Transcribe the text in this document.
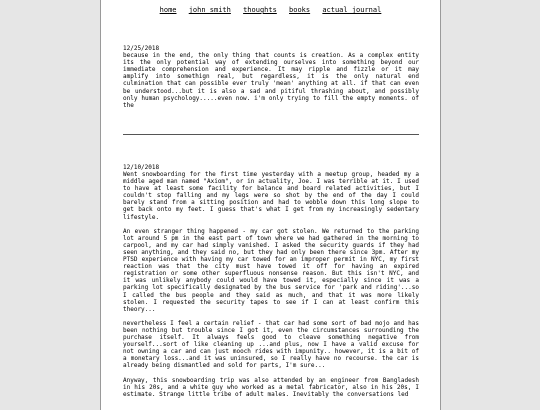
home john smith thoughts books actual journal

12/25/2018

because in the end, the only thing that counts is creation. As a complex entity its the only potential way of extending ourselves into something beyond our immediate comprehension and experience. It may ripple and fizzle or it may amplify into somethign real, but regardless, it is the only natural end culmination that can possible ever truly 'mean' anything at all. if that can even be understood...but it is also a sad and pitiful thrashing about, and possibly only human psychology.....even now. i'm only trying to fill the empty moments. of the

12/10/2018

Went snowboarding for the first time yesterday with a meetup group, headed my a middle aged man named "Axiom", or in actuality, Joe. I was terrible at it. I used to have at least some facility for balance and board related activities, but I couldn't stop falling and my legs were so shot by the end of the day I could barely stand from a sitting position and had to wobble down this long slope to get back onto my feet. I guess that's what I get from my increasingly sedentary lifestyle.

An even stranger thing happened - my car got stolen. We returned to the parking lot around 5 pm in the east part of town where we had gathered in the morning to carpool, and my car had simply vanished. I asked the security guards if they had seen anything, and they said no, but they had only been there since 3pm. After my PTSD experience with having my car towed for an improper permit in NYC, my first reaction was that the city must have towed it off for having an expired registration or some other superfluous nonsense reason. But this isn't NYC, and it was unlikely anybody could would have towed it, especially since it was a parking lot specifically designated by the bus service for 'park and riding'...so I called the bus people and they said as much, and that it was more likely stolen. I requested the security tapes to see if I can at least confirm this theory...

nevertheless I feel a certain relief - that car had some sort of bad mojo and has been nothing but trouble since I got it, even the circumstances surrounding the purchase itself. It always feels good to cleave something negative from yourself...sort of like cleaning up ...and plus, now I have a valid excuse for not owning a car and can just mooch rides with impunity.. however, it is a bit of a monetary loss...and it was uninsured, so I really have no recourse. the car is already being dismantled and sold for parts, I'm sure...

Anyway, this snowboarding trip was also attended by an engineer from Bangladesh in his 20s, and a white guy who worked as a metal fabricator, also in his 20s, I estimate. Strange little tribe of adult males. Inevitably the conversations led
